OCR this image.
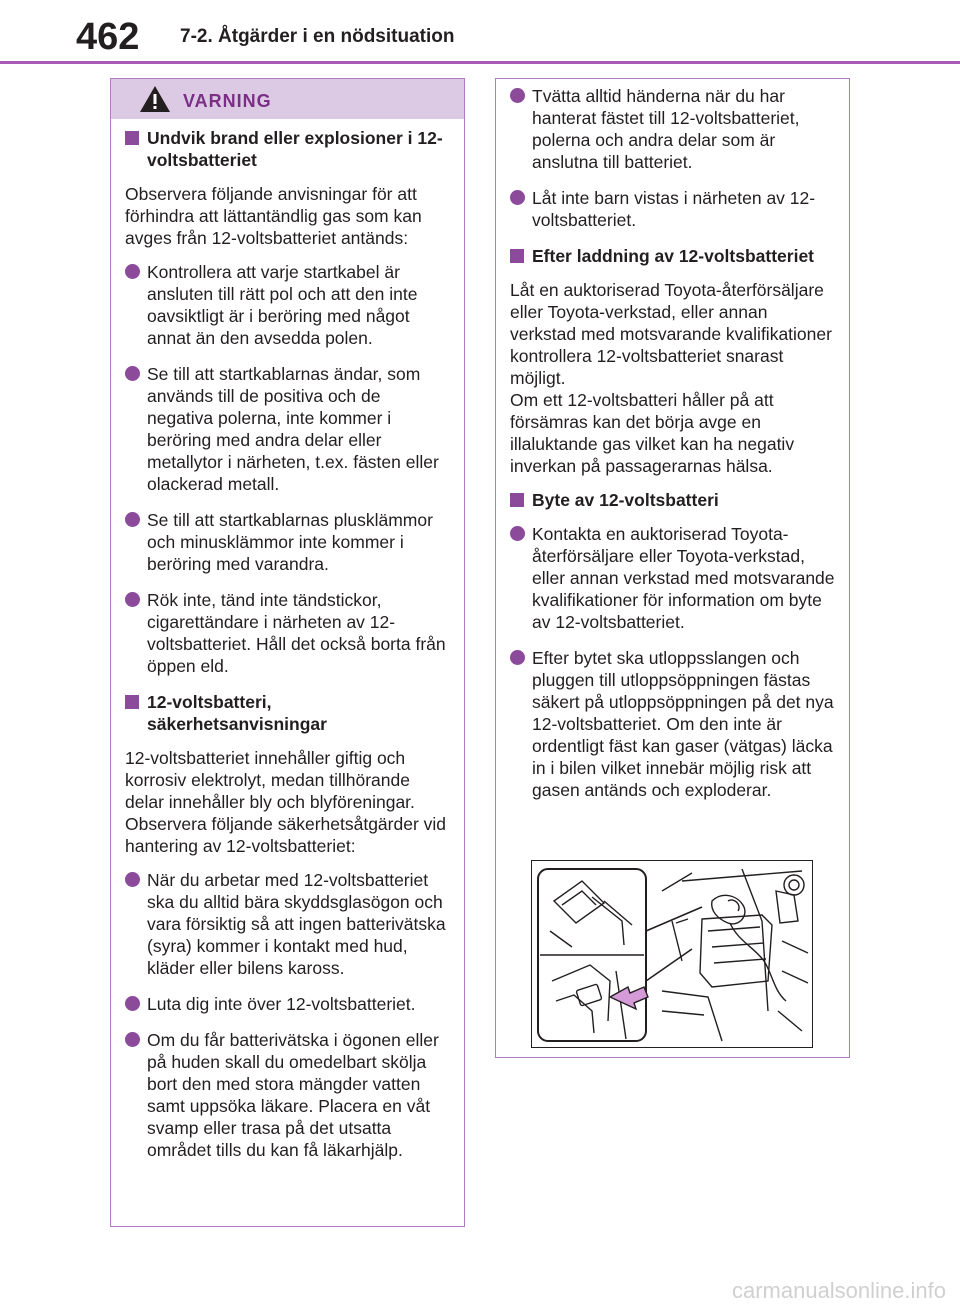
462 7-2. Åtgärder i en nödsituation
VARNING
Undvik brand eller explosioner i 12-voltsbatteriet
Observera följande anvisningar för att förhindra att lättantändlig gas som kan avges från 12-voltsbatteriet antänds:
Kontrollera att varje startkabel är ansluten till rätt pol och att den inte oavsiktligt är i beröring med något annat än den avsedda polen.
Se till att startkablarnas ändar, som används till de positiva och de negativa polerna, inte kommer i beröring med andra delar eller metallytor i närheten, t.ex. fästen eller olackerad metall.
Se till att startkablarnas plusklämmor och minusklämmor inte kommer i beröring med varandra.
Rök inte, tänd inte tändstickor, cigarettändare i närheten av 12-voltsbatteriet. Håll det också borta från öppen eld.
12-voltsbatteri, säkerhetsanvisningar
12-voltsbatteriet innehåller giftig och korrosiv elektrolyt, medan tillhörande delar innehåller bly och blyföreningar. Observera följande säkerhetsåtgärder vid hantering av 12-voltsbatteriet:
När du arbetar med 12-voltsbatteriet ska du alltid bära skyddsglasögon och vara försiktig så att ingen batterivätska (syra) kommer i kontakt med hud, kläder eller bilens kaross.
Luta dig inte över 12-voltsbatteriet.
Om du får batterivätska i ögonen eller på huden skall du omedelbart skölja bort den med stora mängder vatten samt uppsöka läkare. Placera en våt svamp eller trasa på det utsatta området tills du kan få läkarhjälp.
Tvätta alltid händerna när du har hanterat fästet till 12-voltsbatteriet, polerna och andra delar som är anslutna till batteriet.
Låt inte barn vistas i närheten av 12-voltsbatteriet.
Efter laddning av 12-voltsbatteriet
Låt en auktoriserad Toyota-återförsäljare eller Toyota-verkstad, eller annan verkstad med motsvarande kvalifikationer kontrollera 12-voltsbatteriet snarast möjligt.
Om ett 12-voltsbatteri håller på att försämras kan det börja avge en illaluktande gas vilket kan ha negativ inverkan på passagerarnas hälsa.
Byte av 12-voltsbatteri
Kontakta en auktoriserad Toyota-återförsäljare eller Toyota-verkstad, eller annan verkstad med motsvarande kvalifikationer för information om byte av 12-voltsbatteriet.
Efter bytet ska utloppsslangen och pluggen till utloppsöppningen fästas säkert på utloppsöppningen på det nya 12-voltsbatteriet. Om den inte är ordentligt fäst kan gaser (vätgas) läcka in i bilen vilket innebär möjlig risk att gasen antänds och exploderar.
carmanualsonline.info
